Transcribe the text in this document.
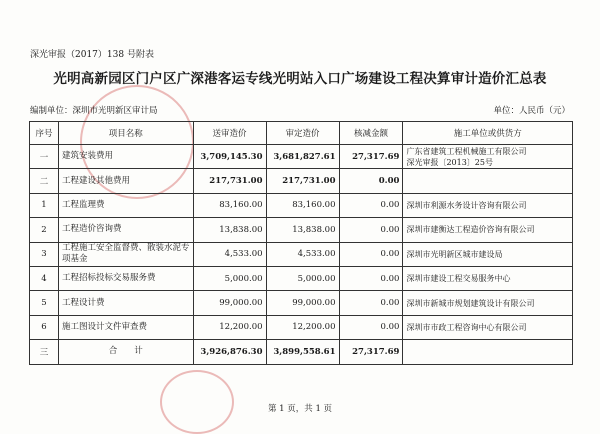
深光审报（2017）138 号附表
光明高新园区门户区广深港客运专线光明站入口广场建设工程决算审计造价汇总表
编制单位：深圳市光明新区审计局	单位：人民币（元）
序号	项目名称	送审造价	审定造价	核减金额	施工单位或供货方
一	建筑安装费用	3,709,145.30	3,681,827.61	27,317.69	广东省建筑工程机械施工有限公司
深光审报〔2013〕25号
二	工程建设其他费用	217,731.00	217,731.00	0.00	
1	工程监理费	83,160.00	83,160.00	0.00	深圳市利源水务设计咨询有限公司
2	工程造价咨询费	13,838.00	13,838.00	0.00	深圳市建衡达工程造价咨询有限公司
3	工程施工安全监督费、散装水泥专项基金	4,533.00	4,533.00	0.00	深圳市光明新区城市建设局
4	工程招标投标交易服务费	5,000.00	5,000.00	0.00	深圳市建设工程交易服务中心
5	工程设计费	99,000.00	99,000.00	0.00	深圳市新城市规划建筑设计有限公司
6	施工图设计文件审查费	12,200.00	12,200.00	0.00	深圳市市政工程咨询中心有限公司
三	合　　计	3,926,876.30	3,899,558.61	27,317.69	
第 1 页，共 1 页
